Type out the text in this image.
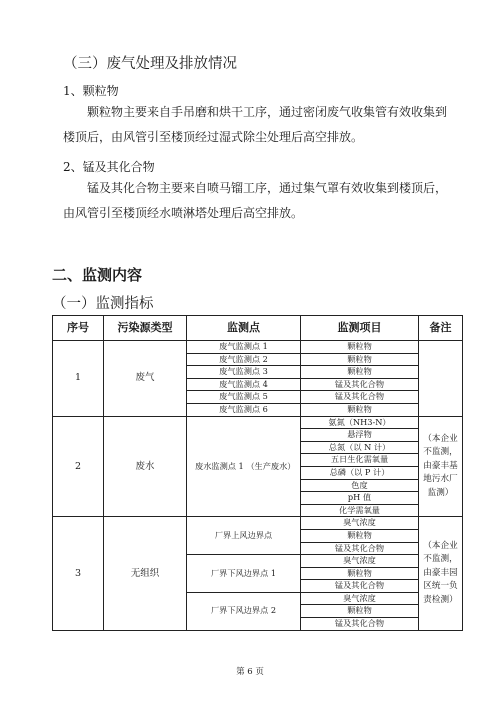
（三）废气处理及排放情况
1、颗粒物
颗粒物主要来自手吊磨和烘干工序，通过密闭废气收集管有效收集到楼顶后，由风管引至楼顶经过湿式除尘处理后高空排放。
2、锰及其化合物
锰及其化合物主要来自喷马镏工序，通过集气罩有效收集到楼顶后，由风管引至楼顶经水喷淋塔处理后高空排放。
二、监测内容
（一）监测指标
序号	污染源类型	监测点	监测项目	备注
1	废气	废气监测点 1	颗粒物	
		废气监测点 2	颗粒物	
		废气监测点 3	颗粒物	
		废气监测点 4	锰及其化合物	
		废气监测点 5	锰及其化合物	
		废气监测点 6	颗粒物	
2	废水	废水监测点 1 （生产废水）	氨氮（NH3-N）	（本企业不监测，由豪丰基地污水厂监测）
			悬浮物	
			总氮（以 N 计）	
			五日生化需氧量	
			总磷（以 P 计）	
			色度	
			pH 值	
			化学需氧量	
3	无组织	厂界上风边界点	臭气浓度	（本企业不监测，由豪丰园区统一负责检测）
			颗粒物	
			锰及其化合物	
		厂界下风边界点 1	臭气浓度	
			颗粒物	
			锰及其化合物	
		厂界下风边界点 2	臭气浓度	
			颗粒物	
			锰及其化合物	
第 6 页
